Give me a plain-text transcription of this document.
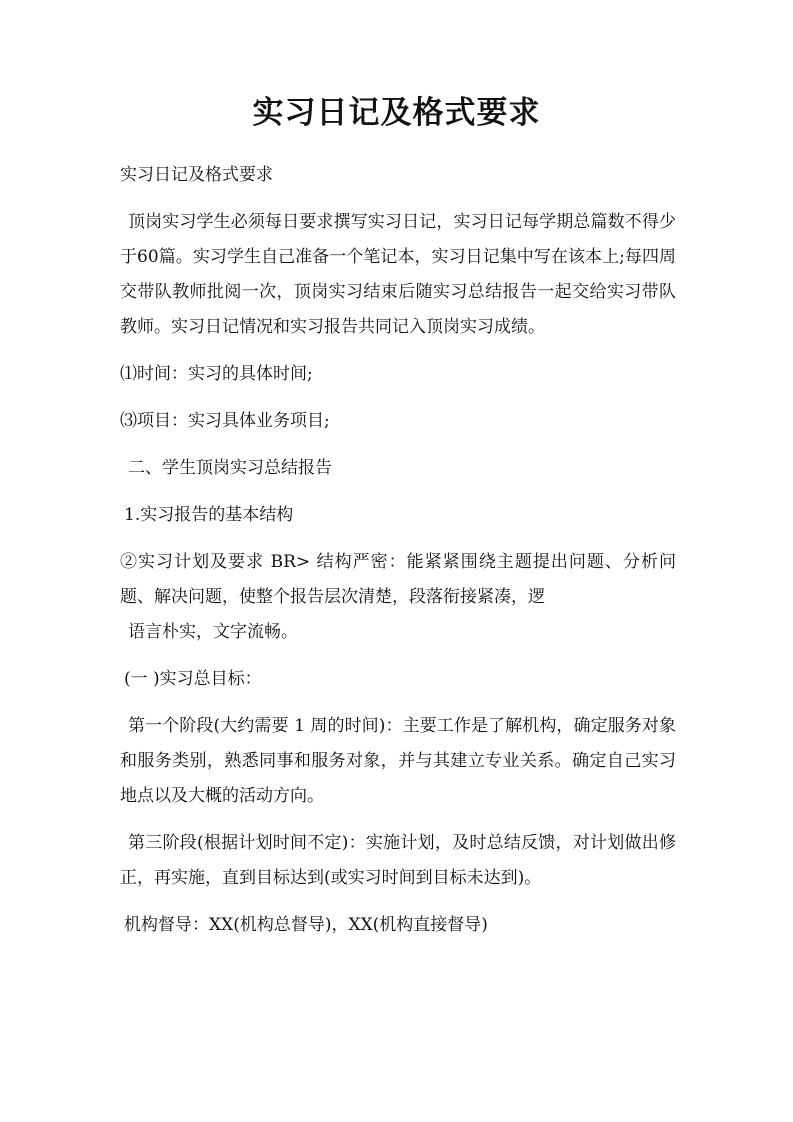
实习日记及格式要求

实习日记及格式要求

顶岗实习学生必须每日要求撰写实习日记，实习日记每学期总篇数不得少于60篇。实习学生自己准备一个笔记本，实习日记集中写在该本上;每四周交带队教师批阅一次，顶岗实习结束后随实习总结报告一起交给实习带队教师。实习日记情况和实习报告共同记入顶岗实习成绩。

⑴时间：实习的具体时间;

⑶项目：实习具体业务项目;

二、学生顶岗实习总结报告

1.实习报告的基本结构

②实习计划及要求 BR> 结构严密：能紧紧围绕主题提出问题、分析问题、解决问题，使整个报告层次清楚，段落衔接紧凑，逻

语言朴实，文字流畅。

(一 )实习总目标：

第一个阶段(大约需要 1 周的时间)：主要工作是了解机构，确定服务对象和服务类别，熟悉同事和服务对象，并与其建立专业关系。确定自己实习地点以及大概的活动方向。

第三阶段(根据计划时间不定)：实施计划，及时总结反馈，对计划做出修正，再实施，直到目标达到(或实习时间到目标未达到)。

机构督导：XX(机构总督导)，XX(机构直接督导)
